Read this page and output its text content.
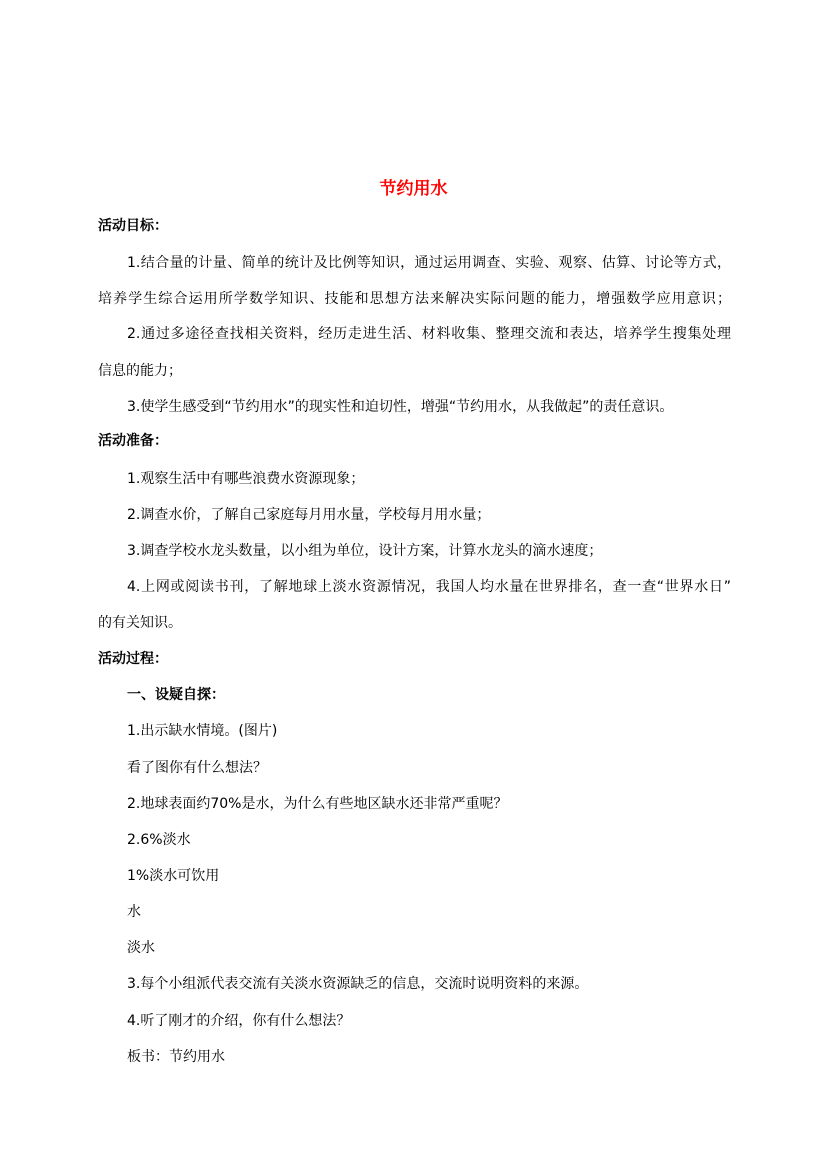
节约用水
活动目标：
1.结合量的计量、简单的统计及比例等知识，通过运用调查、实验、观察、估算、讨论等方式，
培养学生综合运用所学数学知识、技能和思想方法来解决实际问题的能力，增强数学应用意识；
2.通过多途径查找相关资料，经历走进生活、材料收集、整理交流和表达，培养学生搜集处理
信息的能力；
3.使学生感受到“节约用水”的现实性和迫切性，增强“节约用水，从我做起”的责任意识。
活动准备：
1.观察生活中有哪些浪费水资源现象；
2.调查水价，了解自己家庭每月用水量，学校每月用水量；
3.调查学校水龙头数量，以小组为单位，设计方案，计算水龙头的滴水速度；
4.上网或阅读书刊，了解地球上淡水资源情况，我国人均水量在世界排名，查一查“世界水日”
的有关知识。
活动过程：
一、设疑自探：
1.出示缺水情境。(图片)
看了图你有什么想法？
2.地球表面约70%是水，为什么有些地区缺水还非常严重呢？
2.6%淡水
1%淡水可饮用
水
淡水
3.每个小组派代表交流有关淡水资源缺乏的信息，交流时说明资料的来源。
4.听了刚才的介绍，你有什么想法？
板书：节约用水
